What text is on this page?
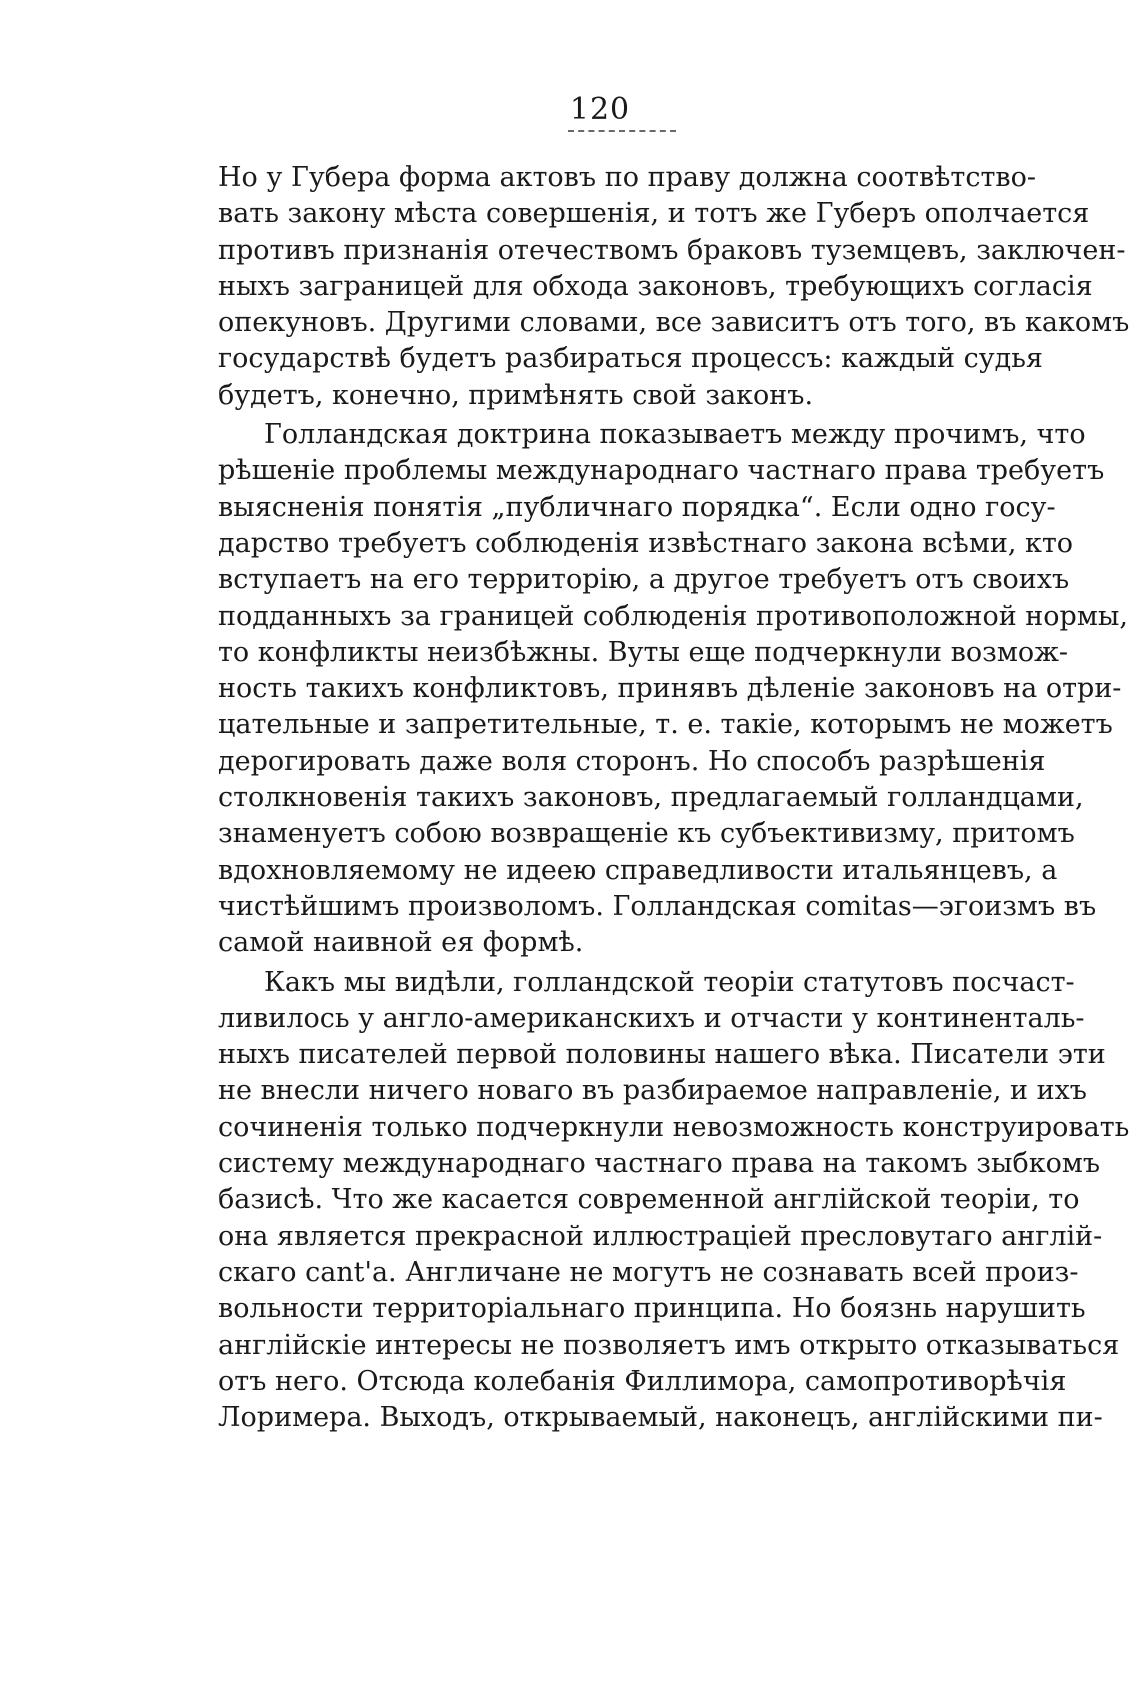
120
Но у Губера форма актовъ по праву должна соотвѣтство-
вать закону мѣста совершенія, и тотъ же Губеръ ополчается
противъ признанія отечествомъ браковъ туземцевъ, заключен-
ныхъ заграницей для обхода законовъ, требующихъ согласія
опекуновъ. Другими словами, все зависитъ отъ того, въ какомъ
государствѣ будетъ разбираться процессъ: каждый судья
будетъ, конечно, примѣнять свой законъ.
Голландская доктрина показываетъ между прочимъ, что
рѣшеніе проблемы международнаго частнаго права требуетъ
выясненія понятія „публичнаго порядка“. Если одно госу-
дарство требуетъ соблюденія извѣстнаго закона всѣми, кто
вступаетъ на его территорію, а другое требуетъ отъ своихъ
подданныхъ за границей соблюденія противоположной нормы,
то конфликты неизбѣжны. Вуты еще подчеркнули возмож-
ность такихъ конфликтовъ, принявъ дѣленіе законовъ на отри-
цательные и запретительные, т. е. такіе, которымъ не можетъ
дерогировать даже воля сторонъ. Но способъ разрѣшенія
столкновенія такихъ законовъ, предлагаемый голландцами,
знаменуетъ собою возвращеніе къ субъективизму, притомъ
вдохновляемому не идеею справедливости итальянцевъ, а
чистѣйшимъ произволомъ. Голландская comitas—эгоизмъ въ
самой наивной ея формѣ.
Какъ мы видѣли, голландской теоріи статутовъ посчаст-
ливилось у англо-американскихъ и отчасти у континенталь-
ныхъ писателей первой половины нашего вѣка. Писатели эти
не внесли ничего новаго въ разбираемое направленіе, и ихъ
сочиненія только подчеркнули невозможность конструировать
систему международнаго частнаго права на такомъ зыбкомъ
базисѣ. Что же касается современной англійской теоріи, то
она является прекрасной иллюстраціей пресловутаго англій-
скаго cant'а. Англичане не могутъ не сознавать всей произ-
вольности территоріальнаго принципа. Но боязнь нарушить
англійскіе интересы не позволяетъ имъ открыто отказываться
отъ него. Отсюда колебанія Филлимора, самопротиворѣчія
Лоримера. Выходъ, открываемый, наконецъ, англійскими пи-
